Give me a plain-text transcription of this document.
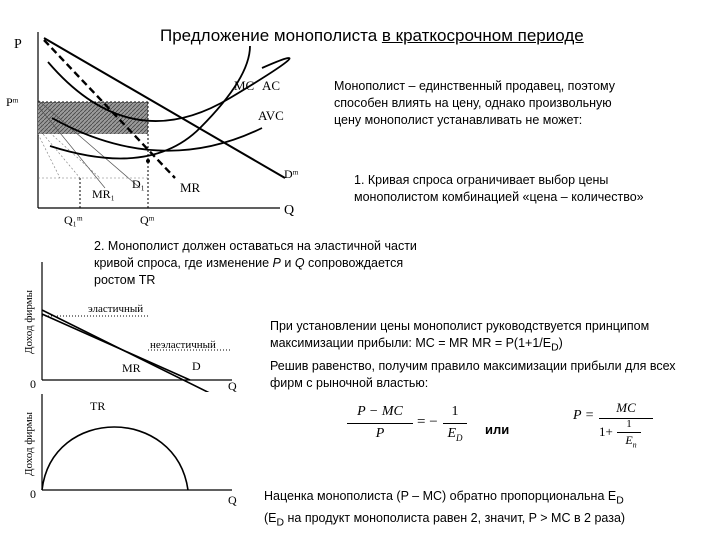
Предложение монополиста в краткосрочном периоде
P
Pᵐ
MC AC
AVC
Dᵐ
MR
MR₁
D₁
Q
Q₁ᵐ	Qᵐ
Монополист – единственный продавец, поэтому способен влиять на цену, однако произвольную цену монополист устанавливать не может:
1. Кривая спроса ограничивает выбор цены монополистом комбинацией «цена – количество»
2. Монополист должен оставаться на эластичной части кривой спроса, где изменение P и Q сопровождается ростом TR
эластичный
неэластичный
MR	D
0	Q
Доход фирмы
TR
0	Q
Доход фирмы
При установлении цены монополист руководствуется принципом максимизации прибыли: MC = MR MR = $P(1+1/E_D)$
Решив равенство, получим правило максимизации прибыли для всех фирм с рыночной властью:
P − MC
P
= −
1
$E_D$
или
P =
MC
1+	1
$E_n$
Наценка монополиста (P – MC) обратно пропорциональна $E_D$
($E_D$ на продукт монополиста равен 2, значит, P > MC в 2 раза)
